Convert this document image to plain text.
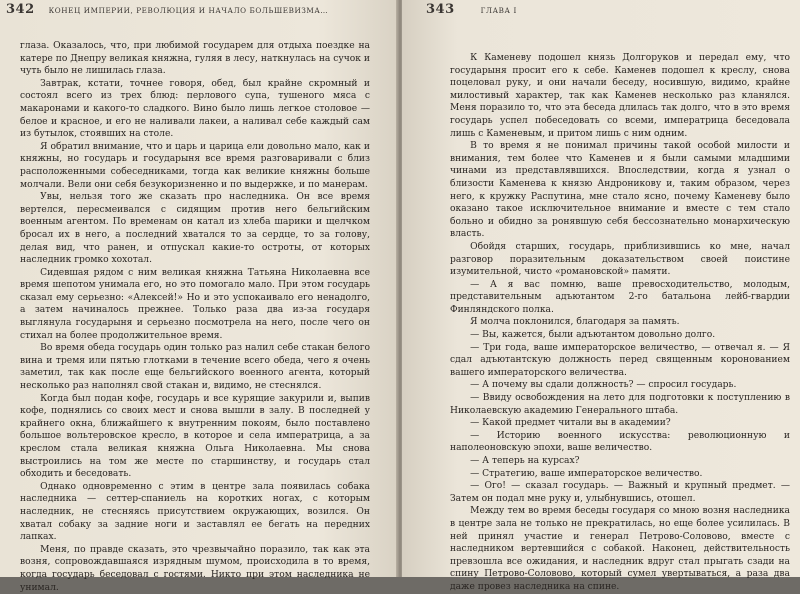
342 КОНЕЦ ИМПЕРИИ, РЕВОЛЮЦИЯ И НАЧАЛО БОЛЬШЕВИЗМА…

глаза. Оказалось, что, при любимой государем для отдыха поездке на катере по Днепру великая княжна, гуляя в лесу, наткнулась на сучок и чуть было не лишилась глаза.

Завтрак, кстати, точнее говоря, обед, был крайне скромный и состоял всего из трех блюд: перлового супа, тушеного мяса с макаронами и какого-то сладкого. Вино было лишь легкое столовое — белое и красное, и его не наливали лакеи, а наливал себе каждый сам из бутылок, стоявших на столе.

Я обратил внимание, что и царь и царица ели довольно мало, как и княжны, но государь и государыня все время разговаривали с близ расположенными собеседниками, тогда как великие княжны больше молчали. Вели они себя безукоризненно и по выдержке, и по манерам.

Увы, нельзя того же сказать про наследника. Он все время вертелся, пересмеивался с сидящим против него бельгийским военным агентом. По временам он катал из хлеба шарики и щелчком бросал их в него, а последний хватался то за сердце, то за голову, делая вид, что ранен, и отпускал какие-то остроты, от которых наследник громко хохотал.

Сидевшая рядом с ним великая княжна Татьяна Николаевна все время шепотом унимала его, но это помогало мало. При этом государь сказал ему серьезно: «Алексей!» Но и это успокаивало его ненадолго, а затем начиналось прежнее. Только раза два из-за государя выглянула государыня и серьезно посмотрела на него, после чего он стихал на более продолжительное время.

Во время обеда государь один только раз налил себе стакан белого вина и тремя или пятью глотками в течение всего обеда, чего я очень заметил, так как после еще бельгийского военного агента, который несколько раз наполнял свой стакан и, видимо, не стеснялся.

Когда был подан кофе, государь и все курящие закурили и, выпив кофе, поднялись со своих мест и снова вышли в залу. В последней у крайнего окна, ближайшего к внутренним покоям, было поставлено большое вольтеровское кресло, в которое и села императрица, а за креслом стала великая княжна Ольга Николаевна. Мы снова выстроились на том же месте по старшинству, и государь стал обходить и беседовать.

Однако одновременно с этим в центре зала появилась собака наследника — сеттер-спаниель на коротких ногах, с которым наследник, не стесняясь присутствием окружающих, возился. Он хватал собаку за задние ноги и заставлял ее бегать на передних лапках.

Меня, по правде сказать, это чрезвычайно поразило, так как эта возня, сопровождавшаяся изрядным шумом, происходила в то время, когда государь беседовал с гостями. Никто при этом наследника не унимал.

343	ГЛАВА I

К Каменеву подошел князь Долгоруков и передал ему, что государыня просит его к себе. Каменев подошел к креслу, снова поцеловал руку, и они начали беседу, носившую, видимо, крайне милостивый характер, так как Каменев несколько раз кланялся. Меня поразило то, что эта беседа длилась так долго, что в это время государь успел побеседовать со всеми, императрица беседовала лишь с Каменевым, и притом лишь с ним одним.

В то время я не понимал причины такой особой милости и внимания, тем более что Каменев и я были самыми младшими чинами из представлявшихся. Впоследствии, когда я узнал о близости Каменева к князю Андроникову и, таким образом, через него, к кружку Распутина, мне стало ясно, почему Каменеву было оказано такое исключительное внимание и вместе с тем стало больно и обидно за ронявшую себя бессознательно монархическую власть.

Обойдя старших, государь, приблизившись ко мне, начал разговор поразительным доказательством своей поистине изумительной, чисто «романовской» памяти.

— А я вас помню, ваше превосходительство, молодым, представительным адъютантом 2-го батальона лейб-гвардии Финляндского полка.

Я молча поклонился, благодаря за память.

— Вы, кажется, были адъютантом довольно долго.

— Три года, ваше императорское величество, — отвечал я. — Я сдал адъютантскую должность перед священным коронованием вашего императорского величества.

— А почему вы сдали должность? — спросил государь.

— Ввиду освобождения на лето для подготовки к поступлению в Николаевскую академию Генерального штаба.

— Какой предмет читали вы в академии?

— Историю военного искусства: революционную и наполеоновскую эпохи, ваше величество.

— А теперь на курсах?

— Стратегию, ваше императорское величество.

— Ого! — сказал государь. — Важный и крупный предмет. — Затем он подал мне руку и, улыбнувшись, отошел.

Между тем во время беседы государя со мною возня наследника в центре зала не только не прекратилась, но еще более усилилась. В ней принял участие и генерал Петрово-Соловово, вместе с наследником вертевшийся с собакой. Наконец, действительность превзошла все ожидания, и наследник вдруг стал прыгать сзади на спину Петрово-Соловово, который сумел увертываться, а раза два даже провез наследника на спине.
